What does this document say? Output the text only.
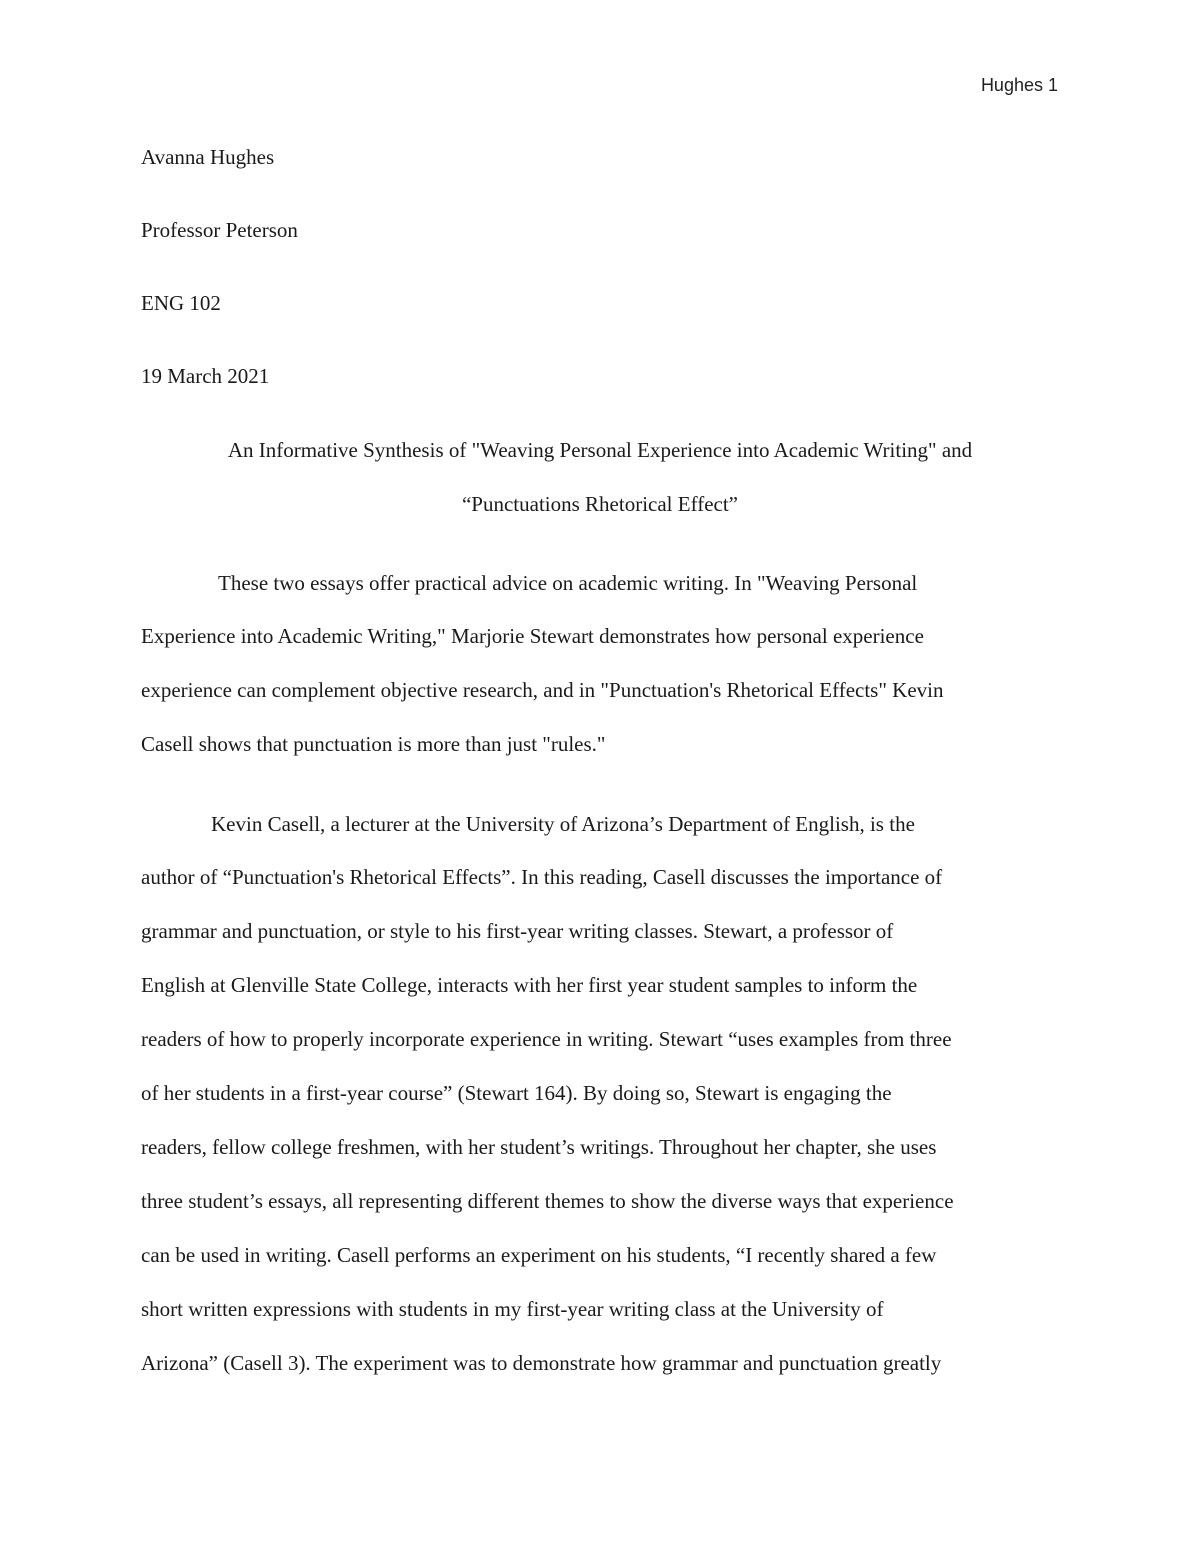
Hughes 1
Avanna Hughes
Professor Peterson
ENG 102
19 March 2021
An Informative Synthesis of "Weaving Personal Experience into Academic Writing" and
“Punctuations Rhetorical Effect”
These two essays offer practical advice on academic writing. In "Weaving Personal
Experience into Academic Writing," Marjorie Stewart demonstrates how personal experience
experience can complement objective research, and in "Punctuation's Rhetorical Effects" Kevin
Casell shows that punctuation is more than just "rules."
Kevin Casell, a lecturer at the University of Arizona’s Department of English, is the
author of “Punctuation's Rhetorical Effects”. In this reading, Casell discusses the importance of
grammar and punctuation, or style to his first-year writing classes. Stewart, a professor of
English at Glenville State College, interacts with her first year student samples to inform the
readers of how to properly incorporate experience in writing. Stewart “uses examples from three
of her students in a first-year course” (Stewart 164). By doing so, Stewart is engaging the
readers, fellow college freshmen, with her student’s writings. Throughout her chapter, she uses
three student’s essays, all representing different themes to show the diverse ways that experience
can be used in writing. Casell performs an experiment on his students, “I recently shared a few
short written expressions with students in my first-year writing class at the University of
Arizona” (Casell 3). The experiment was to demonstrate how grammar and punctuation greatly
